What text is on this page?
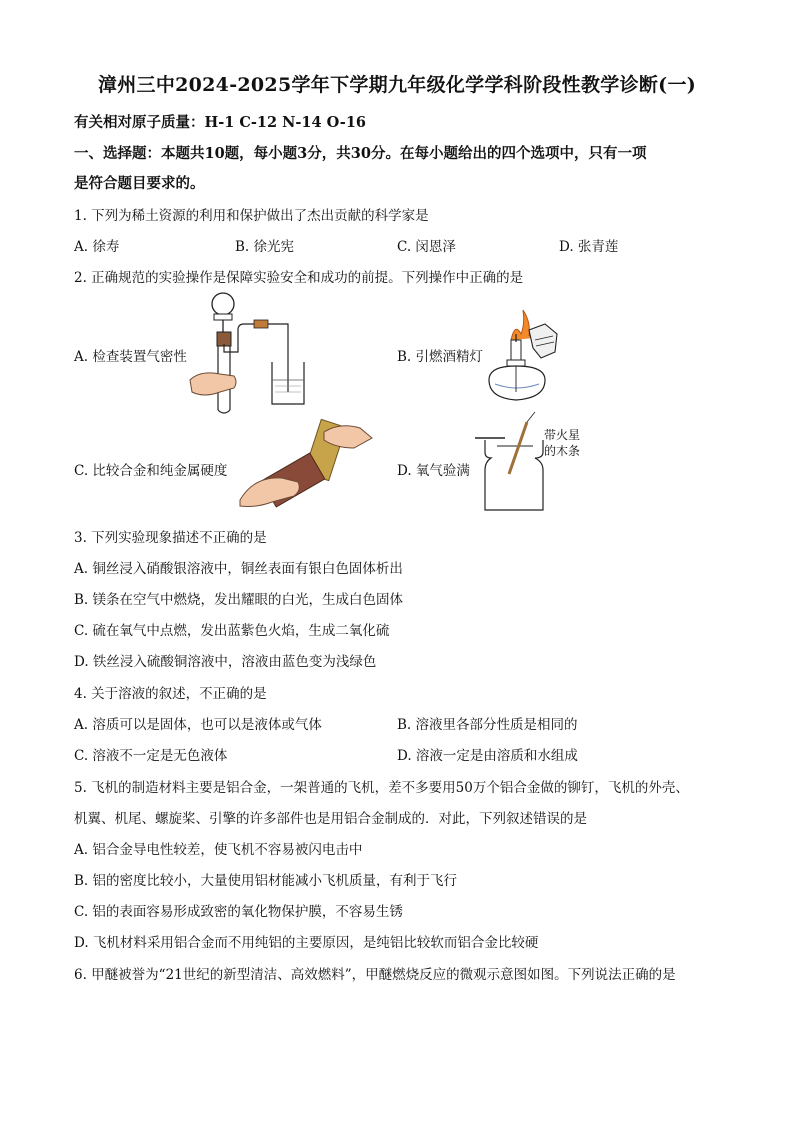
漳州三中2024-2025学年下学期九年级化学学科阶段性教学诊断(一)
有关相对原子质量：H-1 C-12 N-14 O-16
一、选择题：本题共10题，每小题3分，共30分。在每小题给出的四个选项中，只有一项
是符合题目要求的。
1. 下列为稀土资源的利用和保护做出了杰出贡献的科学家是
A. 徐寿	B. 徐光宪	C. 闵恩泽	D. 张青莲
2. 正确规范的实验操作是保障实验安全和成功的前提。下列操作中正确的是
A. 检查装置气密性	B. 引燃酒精灯
C. 比较合金和纯金属硬度	D. 氧气验满
带火星
的木条
3. 下列实验现象描述不正确的是
A. 铜丝浸入硝酸银溶液中，铜丝表面有银白色固体析出
B. 镁条在空气中燃烧，发出耀眼的白光，生成白色固体
C. 硫在氧气中点燃，发出蓝紫色火焰，生成二氧化硫
D. 铁丝浸入硫酸铜溶液中，溶液由蓝色变为浅绿色
4. 关于溶液的叙述，不正确的是
A. 溶质可以是固体，也可以是液体或气体	B. 溶液里各部分性质是相同的
C. 溶液不一定是无色液体	D. 溶液一定是由溶质和水组成
5. 飞机的制造材料主要是铝合金，一架普通的飞机，差不多要用50万个铝合金做的铆钉，飞机的外壳、
机翼、机尾、螺旋桨、引擎的许多部件也是用铝合金制成的．对此，下列叙述错误的是
A. 铝合金导电性较差，使飞机不容易被闪电击中
B. 铝的密度比较小，大量使用铝材能减小飞机质量，有利于飞行
C. 铝的表面容易形成致密的氧化物保护膜，不容易生锈
D. 飞机材料采用铝合金而不用纯铝的主要原因，是纯铝比较软而铝合金比较硬
6. 甲醚被誉为“21世纪的新型清洁、高效燃料”，甲醚燃烧反应的微观示意图如图。下列说法正确的是
